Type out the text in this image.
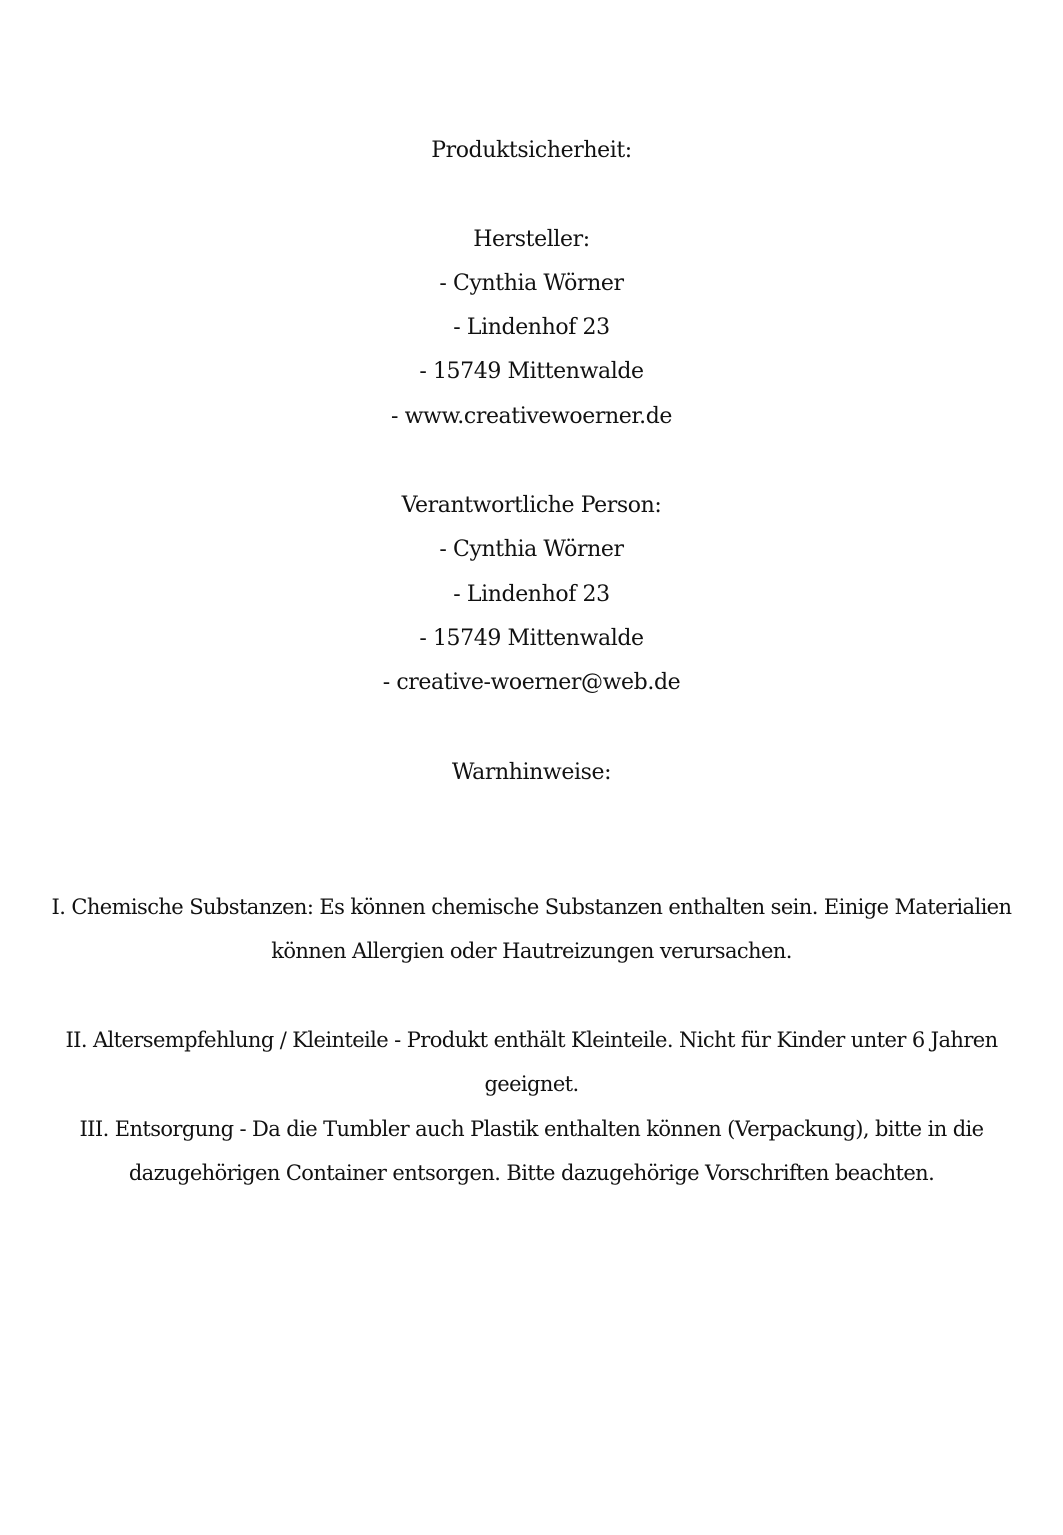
Produktsicherheit:
Hersteller:
- Cynthia Wörner
- Lindenhof 23
- 15749 Mittenwalde
- www.creativewoerner.de
Verantwortliche Person:
- Cynthia Wörner
- Lindenhof 23
- 15749 Mittenwalde
- creative-woerner@web.de
Warnhinweise:
I. Chemische Substanzen: Es können chemische Substanzen enthalten sein. Einige Materialien können Allergien oder Hautreizungen verursachen.
II. Altersempfehlung / Kleinteile - Produkt enthält Kleinteile. Nicht für Kinder unter 6 Jahren geeignet.
III. Entsorgung - Da die Tumbler auch Plastik enthalten können (Verpackung), bitte in die dazugehörigen Container entsorgen. Bitte dazugehörige Vorschriften beachten.
